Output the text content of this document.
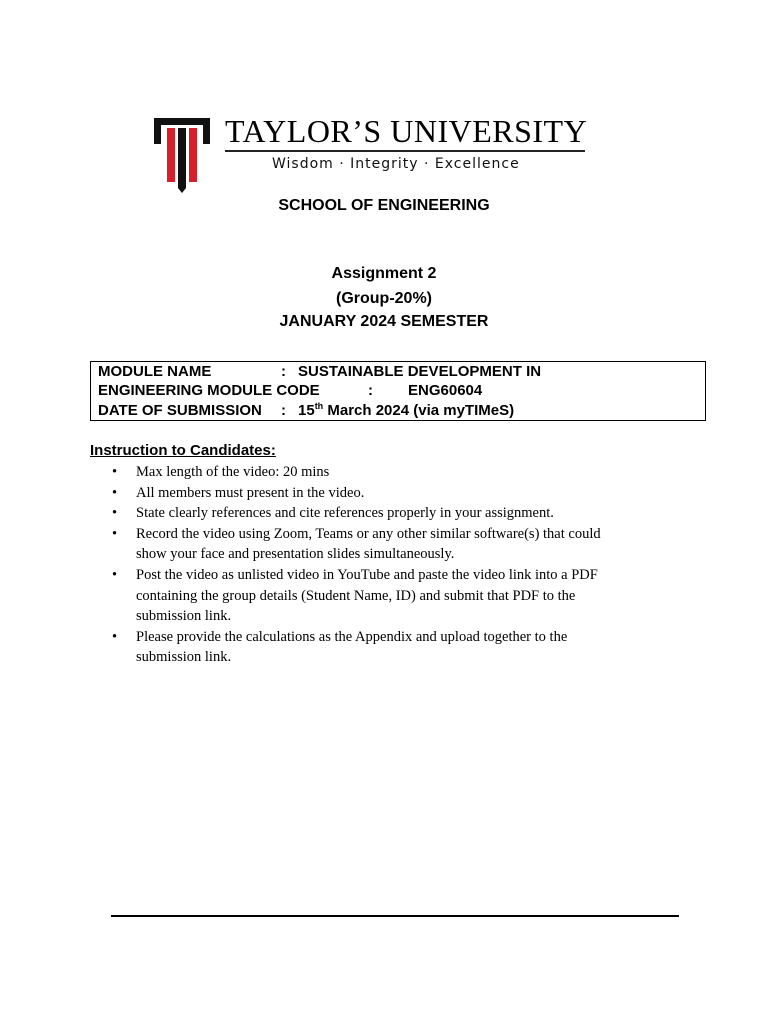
TAYLOR’S UNIVERSITY
Wisdom · Integrity · Excellence
SCHOOL OF ENGINEERING
Assignment 2
(Group-20%)
JANUARY 2024 SEMESTER
MODULE NAME	: SUSTAINABLE DEVELOPMENT IN
ENGINEERING MODULE CODE	: ENG60604
DATE OF SUBMISSION : 15th March 2024 (via myTIMeS)
Instruction to Candidates:
• Max length of the video: 20 mins
• All members must present in the video.
• State clearly references and cite references properly in your assignment.
• Record the video using Zoom, Teams or any other similar software(s) that could show your face and presentation slides simultaneously.
• Post the video as unlisted video in YouTube and paste the video link into a PDF containing the group details (Student Name, ID) and submit that PDF to the submission link.
• Please provide the calculations as the Appendix and upload together to the submission link.
